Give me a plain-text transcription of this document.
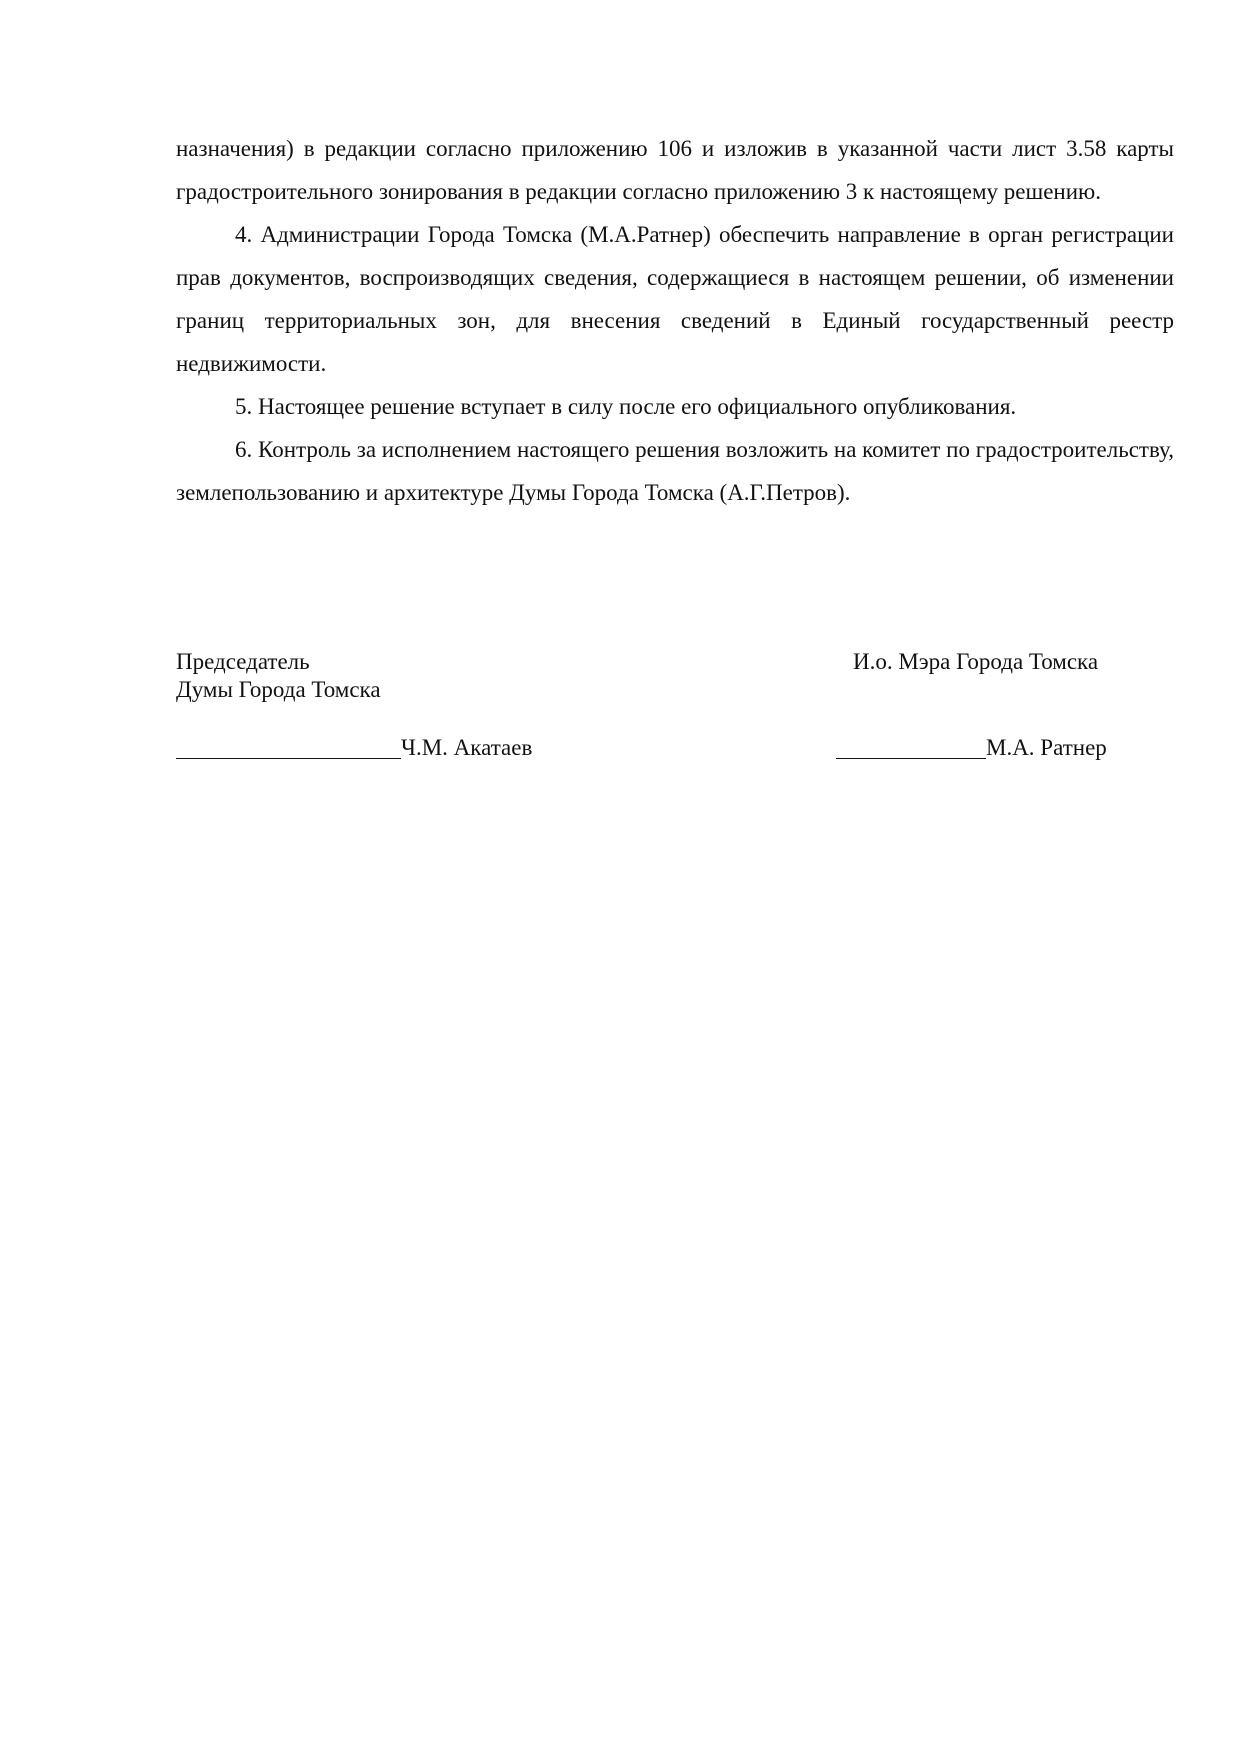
назначения) в редакции согласно приложению 106 и изложив в указанной части лист 3.58 карты градостроительного зонирования в редакции согласно приложению 3 к настоящему решению.

4. Администрации Города Томска (М.А.Ратнер) обеспечить направление в орган регистрации прав документов, воспроизводящих сведения, содержащиеся в настоящем решении, об изменении границ территориальных зон, для внесения сведений в Единый государственный реестр недвижимости.

5. Настоящее решение вступает в силу после его официального опубликования.

6. Контроль за исполнением настоящего решения возложить на комитет по градостроительству, землепользованию и архитектуре Думы Города Томска (А.Г.Петров).

Председатель
Думы Города Томска
И.о. Мэра Города Томска
Ч.М. Акатаев	М.А. Ратнер
